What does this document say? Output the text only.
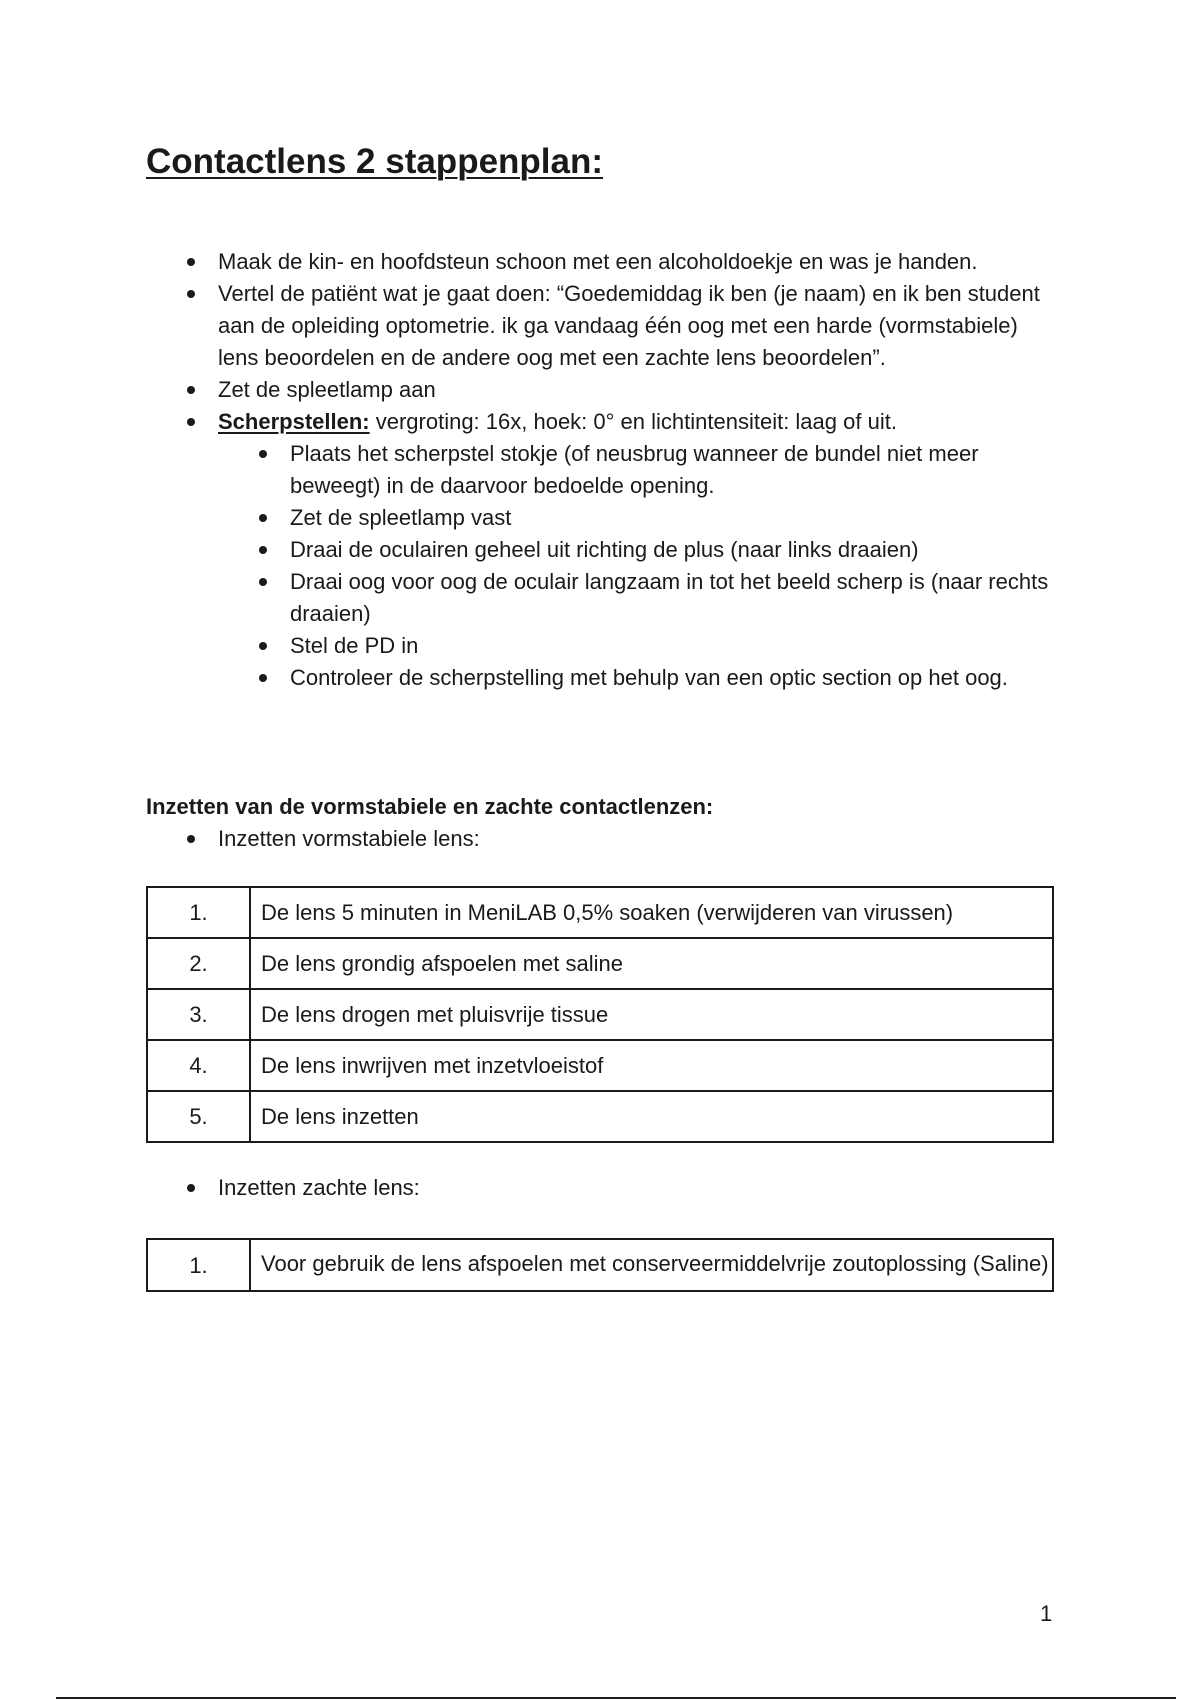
Contactlens 2 stappenplan:
Maak de kin- en hoofdsteun schoon met een alcoholdoekje en was je handen.
Vertel de patiënt wat je gaat doen: “Goedemiddag ik ben (je naam) en ik ben student aan de opleiding optometrie. ik ga vandaag één oog met een harde (vormstabiele) lens beoordelen en de andere oog met een zachte lens beoordelen”.
Zet de spleetlamp aan
Scherpstellen: vergroting: 16x, hoek: 0° en lichtintensiteit: laag of uit.
Plaats het scherpstel stokje (of neusbrug wanneer de bundel niet meer beweegt) in de daarvoor bedoelde opening.
Zet de spleetlamp vast
Draai de oculairen geheel uit richting de plus (naar links draaien)
Draai oog voor oog de oculair langzaam in tot het beeld scherp is (naar rechts draaien)
Stel de PD in
Controleer de scherpstelling met behulp van een optic section op het oog.
Inzetten van de vormstabiele en zachte contactlenzen:
Inzetten vormstabiele lens:
1.	De lens 5 minuten in MeniLAB 0,5% soaken (verwijderen van virussen)
2.	De lens grondig afspoelen met saline
3.	De lens drogen met pluisvrije tissue
4.	De lens inwrijven met inzetvloeistof
5.	De lens inzetten
Inzetten zachte lens:
1.	Voor gebruik de lens afspoelen met conserveermiddelvrije zoutoplossing (Saline)
1
